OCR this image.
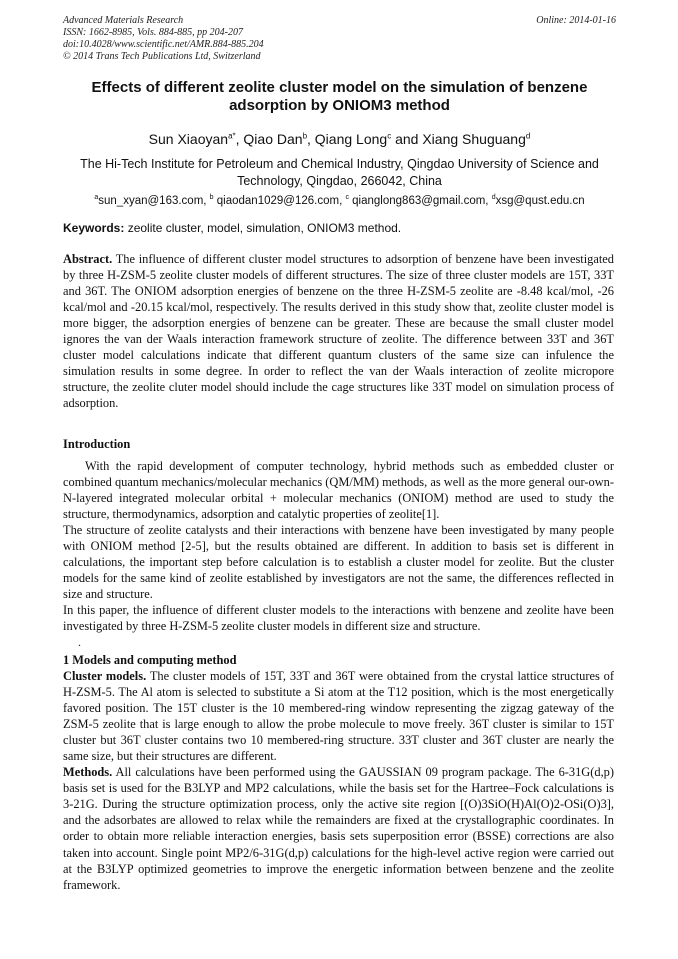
Advanced Materials Research
ISSN: 1662-8985, Vols. 884-885, pp 204-207
doi:10.4028/www.scientific.net/AMR.884-885.204
© 2014 Trans Tech Publications Ltd, Switzerland
Online: 2014-01-16
Effects of different zeolite cluster model on the simulation of benzene adsorption by ONIOM3 method
Sun Xiaoyan$^{a*}$, Qiao Dan$^b$, Qiang Long$^c$ and Xiang Shuguang$^d$
The Hi-Tech Institute for Petroleum and Chemical Industry, Qingdao University of Science and Technology, Qingdao, 266042, China
$^a$sun_xyan@163.com, $^b$ qiaodan1029@126.com, $^c$ qianglong863@gmail.com, $^d$xsg@qust.edu.cn
Keywords: zeolite cluster, model, simulation, ONIOM3 method.
Abstract. The influence of different cluster model structures to adsorption of benzene have been investigated by three H-ZSM-5 zeolite cluster models of different structures. The size of three cluster models are 15T, 33T and 36T. The ONIOM adsorption energies of benzene on the three H-ZSM-5 zeolite are -8.48 kcal/mol, -26 kcal/mol and -20.15 kcal/mol, respectively. The results derived in this study show that, zeolite cluster model is more bigger, the adsorption energies of benzene can be greater. These are because the small cluster model ignores the van der Waals interaction framework structure of zeolite. The difference between 33T and 36T cluster model calculations indicate that different quantum clusters of the same size can infulence the simulation results in some degree. In order to reflect the van der Waals interaction of zeolite micropore structure, the zeolite cluter model should include the cage structures like 33T model on simulation process of adsorption.
Introduction

With the rapid development of computer technology, hybrid methods such as embedded cluster or combined quantum mechanics/molecular mechanics (QM/MM) methods, as well as the more general our-own-N-layered integrated molecular orbital + molecular mechanics (ONIOM) method are used to study the structure, thermodynamics, adsorption and catalytic properties of zeolite[1].

The structure of zeolite catalysts and their interactions with benzene have been investigated by many people with ONIOM method [2-5], but the results obtained are different. In addition to basis set is different in calculations, the important step before calculation is to establish a cluster model for zeolite. But the cluster models for the same kind of zeolite established by investigators are not the same, the differences reflected in size and structure.

In this paper, the influence of different cluster models to the interactions with benzene and zeolite have been investigated by three H-ZSM-5 zeolite cluster models in different size and structure.

.
1 Models and computing method

Cluster models. The cluster models of 15T, 33T and 36T were obtained from the crystal lattice structures of H-ZSM-5. The Al atom is selected to substitute a Si atom at the T12 position, which is the most energetically favored position. The 15T cluster is the 10 membered-ring window representing the zigzag gateway of the ZSM-5 zeolite that is large enough to allow the probe molecule to move freely. 36T cluster is similar to 15T cluster but 36T cluster contains two 10 membered-ring structure. 33T cluster and 36T cluster are nearly the same size, but their structures are different.

Methods. All calculations have been performed using the GAUSSIAN 09 program package. The 6-31G(d,p) basis set is used for the B3LYP and MP2 calculations, while the basis set for the Hartree–Fock calculations is 3-21G. During the structure optimization process, only the active site region [(O)3SiO(H)Al(O)2-OSi(O)3], and the adsorbates are allowed to relax while the remainders are fixed at the crystallographic coordinates. In order to obtain more reliable interaction energies, basis sets superposition error (BSSE) corrections are also taken into account. Single point MP2/6-31G(d,p) calculations for the high-level active region were carried out at the B3LYP optimized geometries to improve the energetic information between benzene and the zeolite framework.
